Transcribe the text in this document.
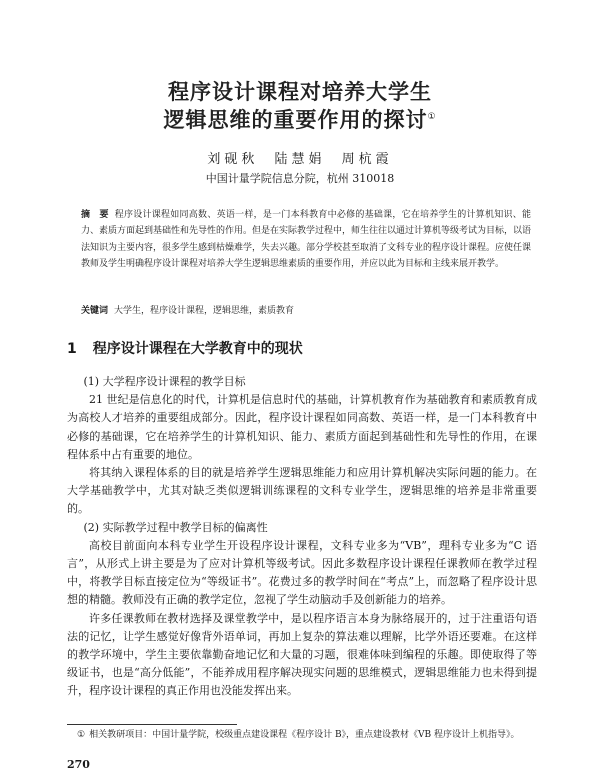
程序设计课程对培养大学生
逻辑思维的重要作用的探讨①
刘砚秋 陆慧娟 周杭霞
中国计量学院信息分院，杭州 310018
摘　要 程序设计课程如同高数、英语一样，是一门本科教育中必修的基础课，它在培养学生的计算机知识、能力、素质方面起到基础性和先导性的作用。但是在实际教学过程中，师生往往以通过计算机等级考试为目标，以语法知识为主要内容，很多学生感到枯燥难学，失去兴趣。部分学校甚至取消了文科专业的程序设计课程。应使任课教师及学生明确程序设计课程对培养大学生逻辑思维素质的重要作用，并应以此为目标和主线来展开教学。
关键词 大学生，程序设计课程，逻辑思维，素质教育
1 程序设计课程在大学教育中的现状

(1) 大学程序设计课程的教学目标

21 世纪是信息化的时代，计算机是信息时代的基础，计算机教育作为基础教育和素质教育成为高校人才培养的重要组成部分。因此，程序设计课程如同高数、英语一样，是一门本科教育中必修的基础课，它在培养学生的计算机知识、能力、素质方面起到基础性和先导性的作用，在课程体系中占有重要的地位。

将其纳入课程体系的目的就是培养学生逻辑思维能力和应用计算机解决实际问题的能力。在大学基础教学中，尤其对缺乏类似逻辑训练课程的文科专业学生，逻辑思维的培养是非常重要的。

(2) 实际教学过程中教学目标的偏离性

高校目前面向本科专业学生开设程序设计课程，文科专业多为“VB”，理科专业多为“C 语言”，从形式上讲主要是为了应对计算机等级考试。因此多数程序设计课程任课教师在教学过程中，将教学目标直接定位为“等级证书”。花费过多的教学时间在“考点”上，而忽略了程序设计思想的精髓。教师没有正确的教学定位，忽视了学生动脑动手及创新能力的培养。

许多任课教师在教材选择及课堂教学中，是以程序语言本身为脉络展开的，过于注重语句语法的记忆，让学生感觉好像背外语单词，再加上复杂的算法难以理解，比学外语还要难。在这样的教学环境中，学生主要依靠勤奋地记忆和大量的习题，很难体味到编程的乐趣。即使取得了等级证书，也是“高分低能”，不能养成用程序解决现实问题的思维模式，逻辑思维能力也未得到提升，程序设计课程的真正作用也没能发挥出来。

① 相关教研项目：中国计量学院，校级重点建设课程《程序设计 B》，重点建设教材《VB 程序设计上机指导》。
270
